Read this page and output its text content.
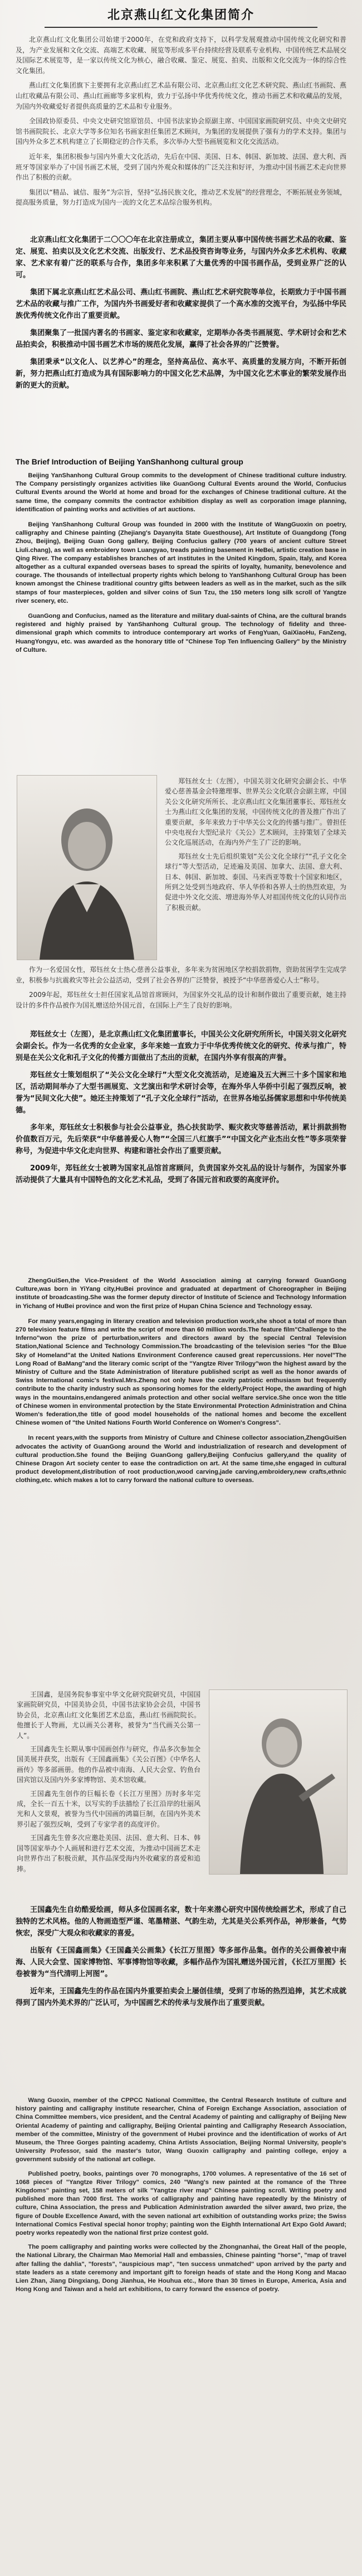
北京燕山红文化集团简介

北京燕山红文化集团公司始建于2000年，在党和政府支持下，以科学发展观推动中国传统文化研究和普及，为产业发展和文化交流、高端艺术收藏、展览等形成多平台持续经营及联系专业机构、中国传统艺术品展交及国际艺术展览等，是一家以传统文化为核心，融合收藏、鉴定、展览、拍卖、出版和文化交流为一体的综合性文化集团。

燕山红文化集团旗下主要拥有北京燕山红艺术品有限公司、北京燕山红文化艺术研究院、燕山红书画院、燕山红收藏品有限公司、燕山红画廊等多家机构，致力于弘扬中华优秀传统文化，推动书画艺术和收藏品的发展，为国内外收藏爱好者提供高质量的艺术品和专业服务。

全国政协原委员、中央文史研究馆原馆员、中国书法家协会原副主席、中国国家画院研究员、中央文史研究馆书画院院长、北京大学等多位知名书画家担任集团艺术顾问，为集团的发展提供了强有力的学术支持。集团与国内外众多艺术机构建立了长期稳定的合作关系，多次举办大型书画展览和文化交流活动。

近年来，集团积极参与国内外重大文化活动，先后在中国、美国、日本、韩国、新加坡、法国、意大利、西班牙等国家举办了中国书画艺术展，受到了国内外观众和媒体的广泛关注和好评，为推动中国书画艺术走向世界作出了积极的贡献。

集团以“精品、诚信、服务”为宗旨，坚持“弘扬民族文化，推动艺术发展”的经营理念，不断拓展业务领域，提高服务质量，努力打造成为国内一流的文化艺术品综合服务机构。

北京燕山红文化集团于二〇〇〇年在北京注册成立，集团主要从事中国传统书画艺术品的收藏、鉴定、展览、拍卖以及文化艺术交流、出版发行、艺术品投资咨询等业务，与国内外众多艺术机构、收藏家、艺术家有着广泛的联系与合作，集团多年来积累了大量优秀的中国书画作品，受到业界广泛的认可。

集团下属北京燕山红艺术品公司、燕山红书画院、燕山红艺术研究院等单位，长期致力于中国书画艺术品的收藏与推广工作，为国内外书画爱好者和收藏家提供了一个高水准的交流平台，为弘扬中华民族优秀传统文化作出了重要贡献。

集团聚集了一批国内著名的书画家、鉴定家和收藏家，定期举办各类书画展览、学术研讨会和艺术品拍卖会，积极推动中国书画艺术市场的规范化发展，赢得了社会各界的广泛赞誉。

集团秉承“以文化人、以艺养心”的理念，坚持高品位、高水平、高质量的发展方向，不断开拓创新，努力把燕山红打造成为具有国际影响力的中国文化艺术品牌，为中国文化艺术事业的繁荣发展作出新的更大的贡献。

The Brief Introduction of Beijing YanShanhong cultural group

Beijing YanShanhong Cultural Group commits to the development of Chinese traditional culture industry. The Company persistingly organizes activities like GuanGong Cultural Events around the World, Confucius Cultural Events around the World at home and broad for the exchanges of Chinese traditional culture. At the same time, the company commits the contractor exhibition display as well as corporation image planning, identification of painting works and activities of art auctions.

Beijing YanShanhong Cultural Group was founded in 2000 with the Institute of WangGuoxin on poetry, calligraphy and Chinese painting (Zhejiang's Dayanyita State Guesthouse), Art Institute of Guangdong (Tong Zhou, Beijing), Beijing Guan Gong gallery, Beijing Confucius gallery (700 years of ancient culture Street Liuli.chang), as well as embroidery town Luangyao, treads painting basement in HeBei, artistic creation base in Qing River. The company establishes branches of art institutes in the United Kingdom, Spain, Italy, and Korea altogether as a cultural expanded overseas bases to spread the spirits of loyalty, humanity, benevolence and courage. The thousands of intellectual property rights which belong to YanShanhong Cultural Group has been known amongst the Chinese traditional country gifts between leaders as well as in the market, such as the silk stamps of four masterpieces, golden and silver coins of Sun Tzu, the 150 meters long silk scroll of Yangtze river scenery, etc.

GuanGong and Confucius, named as the literature and military dual-saints of China, are the cultural brands registered and highly praised by YanShanhong Cultural group. The technology of fidelity and three-dimensional graph which commits to introduce contemporary art works of FengYuan, GaiXiaoHu, FanZeng, HuangYongyu, etc. was awarded as the honorary title of "Chinese Top Ten Influencing Gallery" by the Ministry of Culture.

郑钰丝女士（左图），中国关羽文化研究会副会长、中华爱心慈善基金会特邀理事、世界关公文化联合会副主席，中国关公文化研究所所长、北京燕山红文化集团董事长、郑钰丝女士为燕山红文化集团的发展，中国传统文化的普及推广作出了重要贡献，多年来致力于中华关公文化的传播与推广。曾担任中央电视台大型纪录片《关公》艺术顾问，主持策划了全球关公文化巡展活动，在海内外产生了广泛的影响。

郑钰丝女士先后组织策划“关公文化全球行”“孔子文化全球行”等大型活动，足迹遍及美国、加拿大、法国、意大利、日本、韩国、新加坡、泰国、马来西亚等数十个国家和地区，所到之处受到当地政府、华人华侨和各界人士的热烈欢迎，为促进中外文化交流、增进海外华人对祖国传统文化的认同作出了积极贡献。

作为一名爱国女性，郑钰丝女士热心慈善公益事业，多年来为贫困地区学校捐款捐物，资助贫困学生完成学业，积极参与抗震救灾等社会公益活动，受到了社会各界的广泛赞誉，被授予“中华慈善爱心人士”称号。

2009年起，郑钰丝女士担任国家礼品馆首席顾问，为国家外交礼品的设计和制作做出了重要贡献，她主持设计的多件作品被作为国礼赠送给外国元首，在国际上产生了良好的影响。

郑钰丝女士（左图），是北京燕山红文化集团董事长，中国关公文化研究所所长，中国关羽文化研究会副会长。作为一名优秀的女企业家，多年来她一直致力于中华优秀传统文化的研究、传承与推广，特别是在关公文化和孔子文化的传播方面做出了杰出的贡献，在国内外享有很高的声誉。

郑钰丝女士策划组织了“关公文化全球行”大型文化交流活动，足迹遍及五大洲三十多个国家和地区，活动期间举办了大型书画展览、文艺演出和学术研讨会等，在海外华人华侨中引起了强烈反响，被誉为“民间文化大使”。她还主持策划了“孔子文化全球行”活动，在世界各地弘扬儒家思想和中华传统美德。

多年来，郑钰丝女士积极参与社会公益事业，热心扶贫助学、赈灾救灾等慈善活动，累计捐款捐物价值数百万元，先后荣获“中华慈善爱心人物”“全国三八红旗手”“中国文化产业杰出女性”等多项荣誉称号，为促进中华文化走向世界、构建和谐社会作出了重要贡献。

2009年，郑钰丝女士被聘为国家礼品馆首席顾问，负责国家外交礼品的设计与制作，为国家外事活动提供了大量具有中国特色的文化艺术礼品，受到了各国元首和政要的高度评价。

ZhengGuiSen,the Vice-President of the World Association aiming at carrying forward GuanGong Culture,was born in YiYang city,HuBei province and graduated at department of Choreographer in Beijing institute of broadcasting.She was the former deputy director of Institute of Science and Technology Information in Yichang of HuBei province and won the first prize of Hupan China Science and Technology essay.

For many years,engaging in literary creation and television production work,she shoot a total of more than 270 television feature films and write the script of more than 60 million words.The feature film"Challenge to the Inferno"won the prize of perturbation,writers and directors award by the special Central Television Station,National Science and Technology Commission.The broadcasting of the television series "for the Blue Sky of Homeland"at the United Nations Environment Conference caused great repercussions. Her novel"The Long Road of BaMang"and the literary comic script of the "Yangtze River Trilogy"won the highest award by the Ministry of Culture and the State Administration of literature published script as well as the honor awards of Swiss International comic's festival.Mrs.Zheng not only have the cavity patriotic enthusiasm but frequently contribute to the charity industry such as sponsoring homes for the elderly,Project Hope, the awarding of high ways in the mountains,endangered animals protection and other social welfare service.She once won the title of Chinese women in environmental protection by the State Environmental Protection Administration and China Women's federation,the title of good model households of the national homes and become the excellent Chinese women of "the United Nations Fourth World Conference on Women's Congress".

In recent years,with the supports from Ministry of Culture and Chinese collector association,ZhengGuiSen advocates the activity of GuanGong around the World and industrialization of research and development of cultural production.She found the Beijing GuanGong gallery,Beijing Confucius gallery,and the quality of Chinese Dragon Art society center to ease the contradiction on art. At the same time,she engaged in cultural product development,distribution of root production,wood carving,jade carving,embroidery,new crafts,ethnic clothing,etc. which makes a lot to carry forward the national culture to overseas.

王国鑫，是国务院参事室中华文化研究院研究员，中国国家画院研究员，中国美协会员，中国书法家协会会员，中国书协会员，北京燕山红文化集团艺术总监，燕山红书画院院长。他擅长于人物画，尤以画关公著称，被誉为“当代画关公第一人”。

王国鑫先生长期从事中国画创作与研究，作品多次参加全国美展并获奖，出版有《王国鑫画集》《关公百图》《中华名人画传》等多部画册。他的作品被中南海、人民大会堂、钓鱼台国宾馆以及国内外多家博物馆、美术馆收藏。

王国鑫先生创作的巨幅长卷《长江万里图》历时多年完成，全长一百五十米，以写实的手法描绘了长江沿岸的壮丽风光和人文景观，被誉为当代中国画的鸿篇巨制，在国内外美术界引起了强烈反响，受到了专家学者的高度评价。

王国鑫先生曾多次应邀赴美国、法国、意大利、日本、韩国等国家举办个人画展和进行艺术交流，为推动中国画艺术走向世界作出了积极贡献，其作品深受海内外收藏家的喜爱和追捧。

王国鑫先生自幼酷爱绘画，师从多位国画名家，数十年来潜心研究中国传统绘画艺术，形成了自己独特的艺术风格。他的人物画造型严谨、笔墨精湛、气韵生动，尤其是关公系列作品，神形兼备，气势恢宏，深受广大观众和收藏家的喜爱。

出版有《王国鑫画集》《王国鑫关公画集》《长江万里图》等多部作品集。创作的关公画像被中南海、人民大会堂、国家博物馆、军事博物馆等收藏，多幅作品作为国礼赠送外国元首，《长江万里图》长卷被誉为“当代清明上河图”。

近年来，王国鑫先生的作品在国内外重要拍卖会上屡创佳绩，受到了市场的热烈追捧，其艺术成就得到了国内外美术界的广泛认可，为中国画艺术的传承与发展作出了重要贡献。

Wang Guoxin, member of the CPPCC National Committee, the Central Research Institute of culture and history painting and calligraphy institute researcher, China of Foreign Exchange Association, association of China Committee members, vice president, and the Central Academy of painting and calligraphy of Beijing New Oriental Academy of painting and calligraphy, Beijing Oriental painting and Calligraphy Research Association, member of the committee, Ministry of the government of Hubei province and the identification of works of Art Museum, the Three Gorges painting academy, China Artists Association, Beijing Normal University, people's University Professor, said the master's tutor, Wang Guoxin calligraphy and painting college, enjoy a government subsidy of the national art college.

Published poetry, books, paintings over 70 monographs, 1700 volumes. A representative of the 16 set of 1068 pieces of "Yangtze River Trilogy" comics, 240 "Wang's new painted at the romance of the Three Kingdoms" painting set, 158 meters of silk "Yangtze river map" Chinese painting scroll. Writing poetry and published more than 7000 first. The works of calligraphy and painting have repeatedly by the Ministry of culture, China Association, the press and Publication Administration awarded the silver award, two prize, the figure of Double Excellence Award, with the seven national art exhibition of outstanding works prize; the Swiss International Comics Festival special honor trophy; painting won the Eighth International Art Expo Gold Award; poetry works repeatedly won the national first prize contest gold.

The poem calligraphy and painting works were collected by the Zhongnanhai, the Great Hall of the people, the National Library, the Chairman Mao Memorial Hall and embassies, Chinese painting "horse", "map of travel after falling the dahlia", "forests", "auspicious map", "ten success unmatched" upon arrived by the party and state leaders as a state ceremony and important gift to foreign heads of state and the Hong Kong and Macao Lien Zhan, Jiang Dingxiang, Dong Jianhua, He Houhua etc., More than 30 times in Europe, America, Asia and Hong Kong and Taiwan and a held art exhibitions, to carry forward the essence of poetry.
